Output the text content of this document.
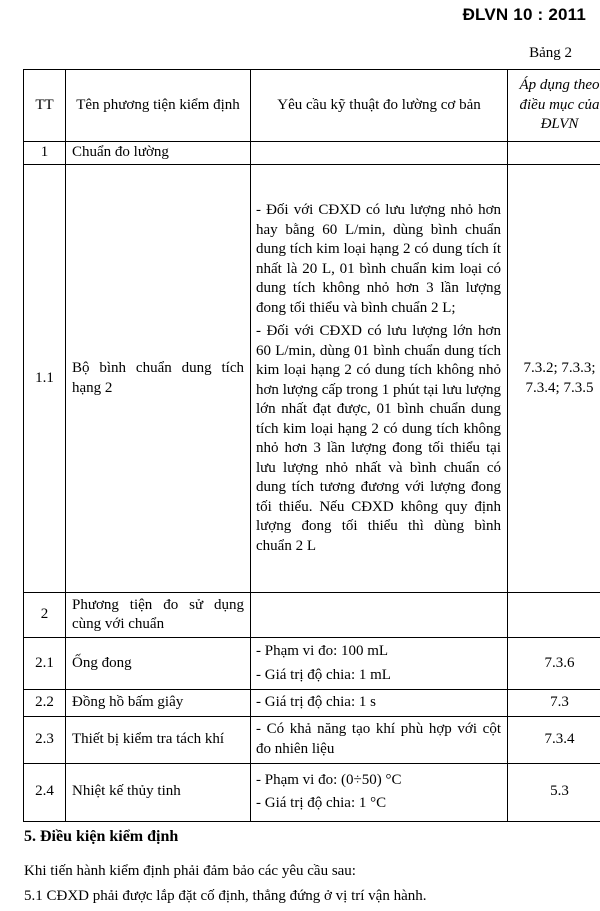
ĐLVN 10 : 2011
Bảng 2
TT	Tên phương tiện kiểm định	Yêu cầu kỹ thuật đo lường cơ bản	Áp dụng theo điều mục của ĐLVN
1	Chuẩn đo lường		
1.1	Bộ bình chuẩn dung tích hạng 2	- Đối với CĐXD có lưu lượng nhỏ hơn hay bằng 60 L/min, dùng bình chuẩn dung tích kim loại hạng 2 có dung tích ít nhất là 20 L, 01 bình chuẩn kim loại có dung tích không nhỏ hơn 3 lần lượng đong tối thiểu và bình chuẩn 2 L;

- Đối với CĐXD có lưu lượng lớn hơn 60 L/min, dùng 01 bình chuẩn dung tích kim loại hạng 2 có dung tích không nhỏ hơn lượng cấp trong 1 phút tại lưu lượng lớn nhất đạt được, 01 bình chuẩn dung tích kim loại hạng 2 có dung tích không nhỏ hơn 3 lần lượng đong tối thiểu tại lưu lượng nhỏ nhất và bình chuẩn có dung tích tương đương với lượng đong tối thiểu. Nếu CĐXD không quy định lượng đong tối thiểu thì dùng bình chuẩn 2 L	7.3.2; 7.3.3; 7.3.4; 7.3.5
2	Phương tiện đo sử dụng cùng với chuẩn		
2.1	Ống đong	- Phạm vi đo: 100 mL

- Giá trị độ chia: 1 mL	7.3.6
2.2	Đồng hồ bấm giây	- Giá trị độ chia: 1 s	7.3
2.3	Thiết bị kiểm tra tách khí	- Có khả năng tạo khí phù hợp với cột đo nhiên liệu	7.3.4
2.4	Nhiệt kế thủy tinh	- Phạm vi đo: (0÷50) °C

- Giá trị độ chia: 1 °C	5.3
5. Điều kiện kiểm định
Khi tiến hành kiểm định phải đảm bảo các yêu cầu sau:
5.1 CĐXD phải được lắp đặt cố định, thẳng đứng ở vị trí vận hành.
